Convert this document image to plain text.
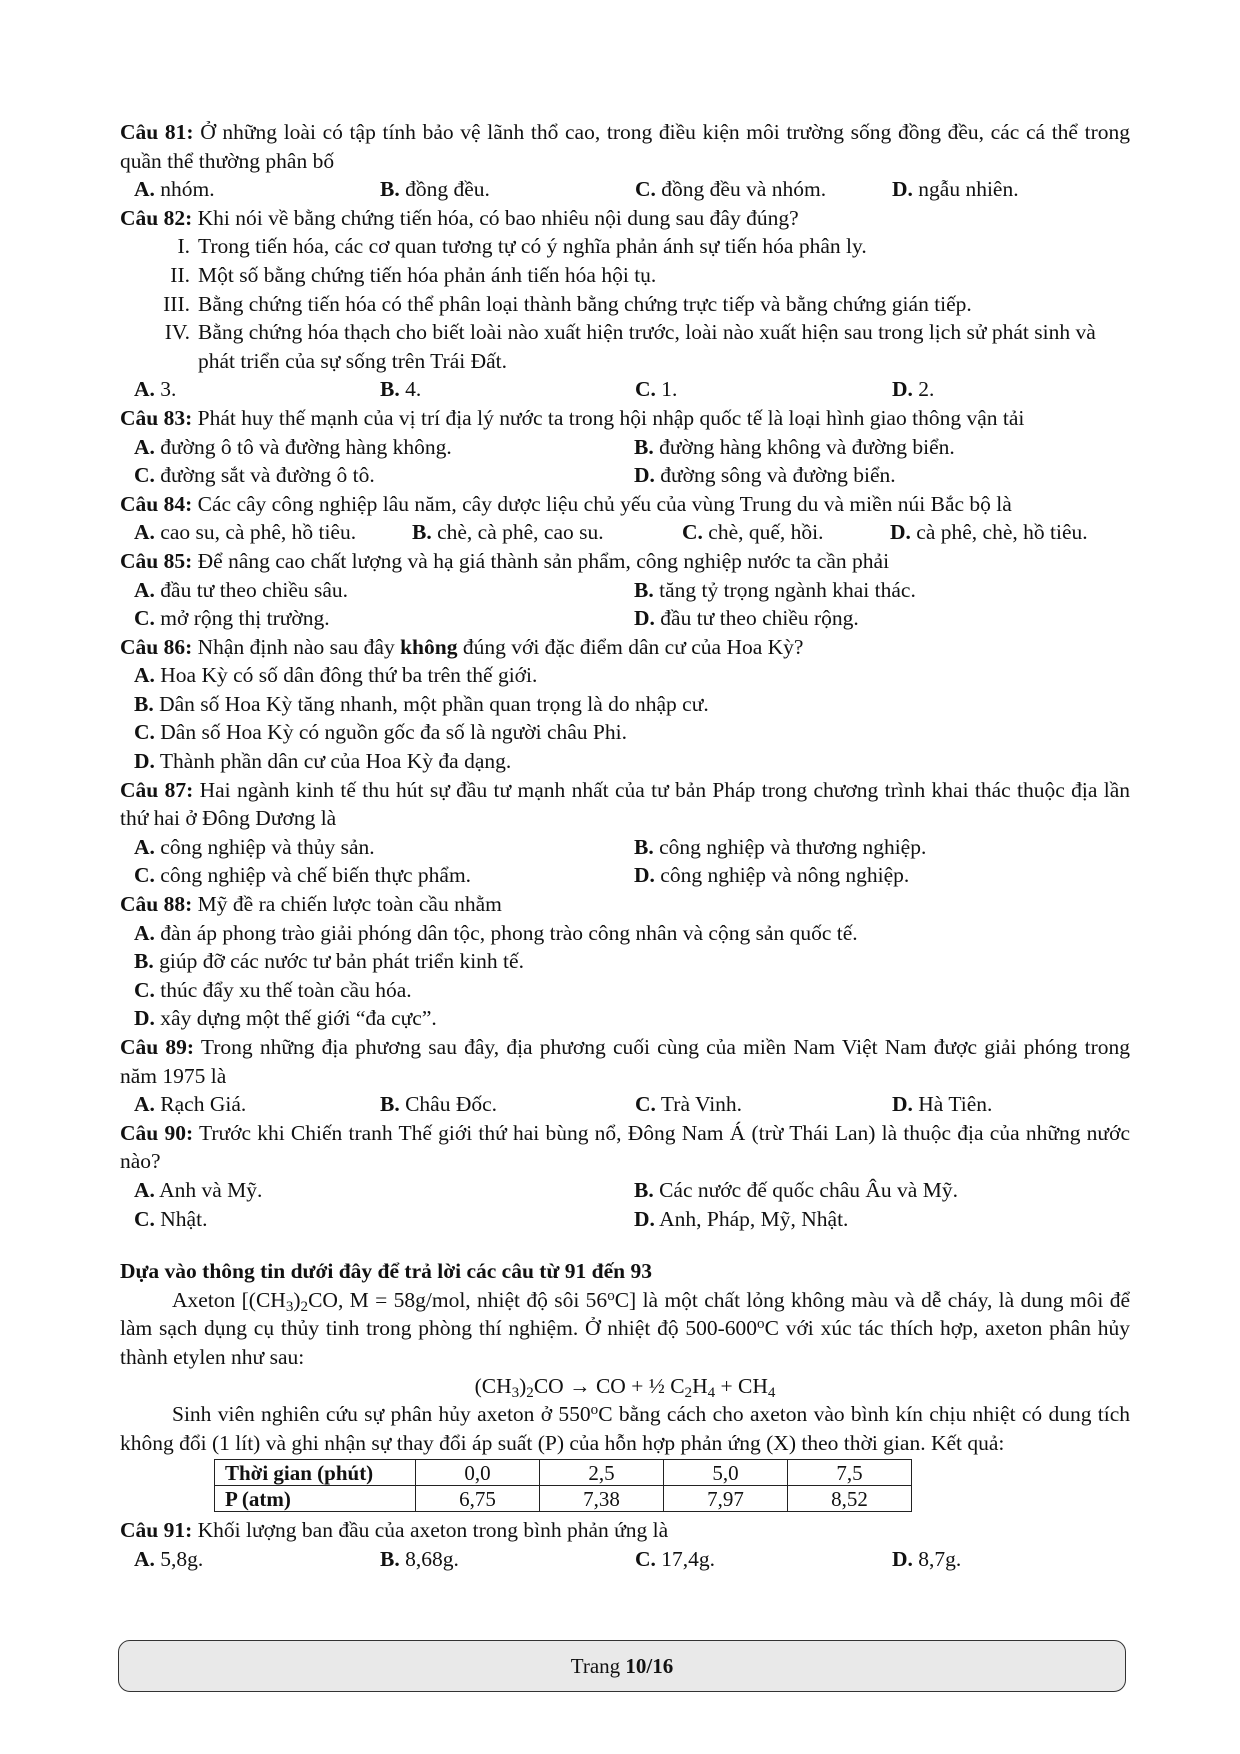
Câu 81: Ở những loài có tập tính bảo vệ lãnh thổ cao, trong điều kiện môi trường sống đồng đều, các cá thể trong quần thể thường phân bố
A. nhóm.	B. đồng đều.	C. đồng đều và nhóm.	D. ngẫu nhiên.
Câu 82: Khi nói về bằng chứng tiến hóa, có bao nhiêu nội dung sau đây đúng?
I. Trong tiến hóa, các cơ quan tương tự có ý nghĩa phản ánh sự tiến hóa phân ly.
II. Một số bằng chứng tiến hóa phản ánh tiến hóa hội tụ.
III. Bằng chứng tiến hóa có thể phân loại thành bằng chứng trực tiếp và bằng chứng gián tiếp.
IV. Bằng chứng hóa thạch cho biết loài nào xuất hiện trước, loài nào xuất hiện sau trong lịch sử phát sinh và phát triển của sự sống trên Trái Đất.
A. 3.	B. 4.	C. 1.	D. 2.
Câu 83: Phát huy thế mạnh của vị trí địa lý nước ta trong hội nhập quốc tế là loại hình giao thông vận tải
A. đường ô tô và đường hàng không.	B. đường hàng không và đường biển.
C. đường sắt và đường ô tô.	D. đường sông và đường biển.
Câu 84: Các cây công nghiệp lâu năm, cây dược liệu chủ yếu của vùng Trung du và miền núi Bắc bộ là
A. cao su, cà phê, hồ tiêu.	B. chè, cà phê, cao su.	C. chè, quế, hồi.	D. cà phê, chè, hồ tiêu.
Câu 85: Để nâng cao chất lượng và hạ giá thành sản phẩm, công nghiệp nước ta cần phải
A. đầu tư theo chiều sâu.	B. tăng tỷ trọng ngành khai thác.
C. mở rộng thị trường.	D. đầu tư theo chiều rộng.
Câu 86: Nhận định nào sau đây không đúng với đặc điểm dân cư của Hoa Kỳ?
A. Hoa Kỳ có số dân đông thứ ba trên thế giới.
B. Dân số Hoa Kỳ tăng nhanh, một phần quan trọng là do nhập cư.
C. Dân số Hoa Kỳ có nguồn gốc đa số là người châu Phi.
D. Thành phần dân cư của Hoa Kỳ đa dạng.
Câu 87: Hai ngành kinh tế thu hút sự đầu tư mạnh nhất của tư bản Pháp trong chương trình khai thác thuộc địa lần thứ hai ở Đông Dương là
A. công nghiệp và thủy sản.	B. công nghiệp và thương nghiệp.
C. công nghiệp và chế biến thực phẩm.	D. công nghiệp và nông nghiệp.
Câu 88: Mỹ đề ra chiến lược toàn cầu nhằm
A. đàn áp phong trào giải phóng dân tộc, phong trào công nhân và cộng sản quốc tế.
B. giúp đỡ các nước tư bản phát triển kinh tế.
C. thúc đẩy xu thế toàn cầu hóa.
D. xây dựng một thế giới “đa cực”.
Câu 89: Trong những địa phương sau đây, địa phương cuối cùng của miền Nam Việt Nam được giải phóng trong năm 1975 là
A. Rạch Giá.	B. Châu Đốc.	C. Trà Vinh.	D. Hà Tiên.
Câu 90: Trước khi Chiến tranh Thế giới thứ hai bùng nổ, Đông Nam Á (trừ Thái Lan) là thuộc địa của những nước nào?
A. Anh và Mỹ.	B. Các nước đế quốc châu Âu và Mỹ.
C. Nhật.	D. Anh, Pháp, Mỹ, Nhật.
Dựa vào thông tin dưới đây để trả lời các câu từ 91 đến 93
Axeton [$(CH_3)_2CO$, M = 58g/mol, nhiệt độ sôi 56$^o$C] là một chất lỏng không màu và dễ cháy, là dung môi để làm sạch dụng cụ thủy tinh trong phòng thí nghiệm. Ở nhiệt độ 500-600$^o$C với xúc tác thích hợp, axeton phân hủy thành etylen như sau:
$(CH_3)_2CO$ → CO + ½ $C_2H_4 + CH_4$
Sinh viên nghiên cứu sự phân hủy axeton ở 550$^o$C bằng cách cho axeton vào bình kín chịu nhiệt có dung tích không đổi (1 lít) và ghi nhận sự thay đổi áp suất (P) của hỗn hợp phản ứng (X) theo thời gian. Kết quả:
Thời gian (phút)	0,0	2,5	5,0	7,5
P (atm)	6,75	7,38	7,97	8,52
Câu 91: Khối lượng ban đầu của axeton trong bình phản ứng là
A. 5,8g.	B. 8,68g.	C. 17,4g.	D. 8,7g.
Trang
10/16
